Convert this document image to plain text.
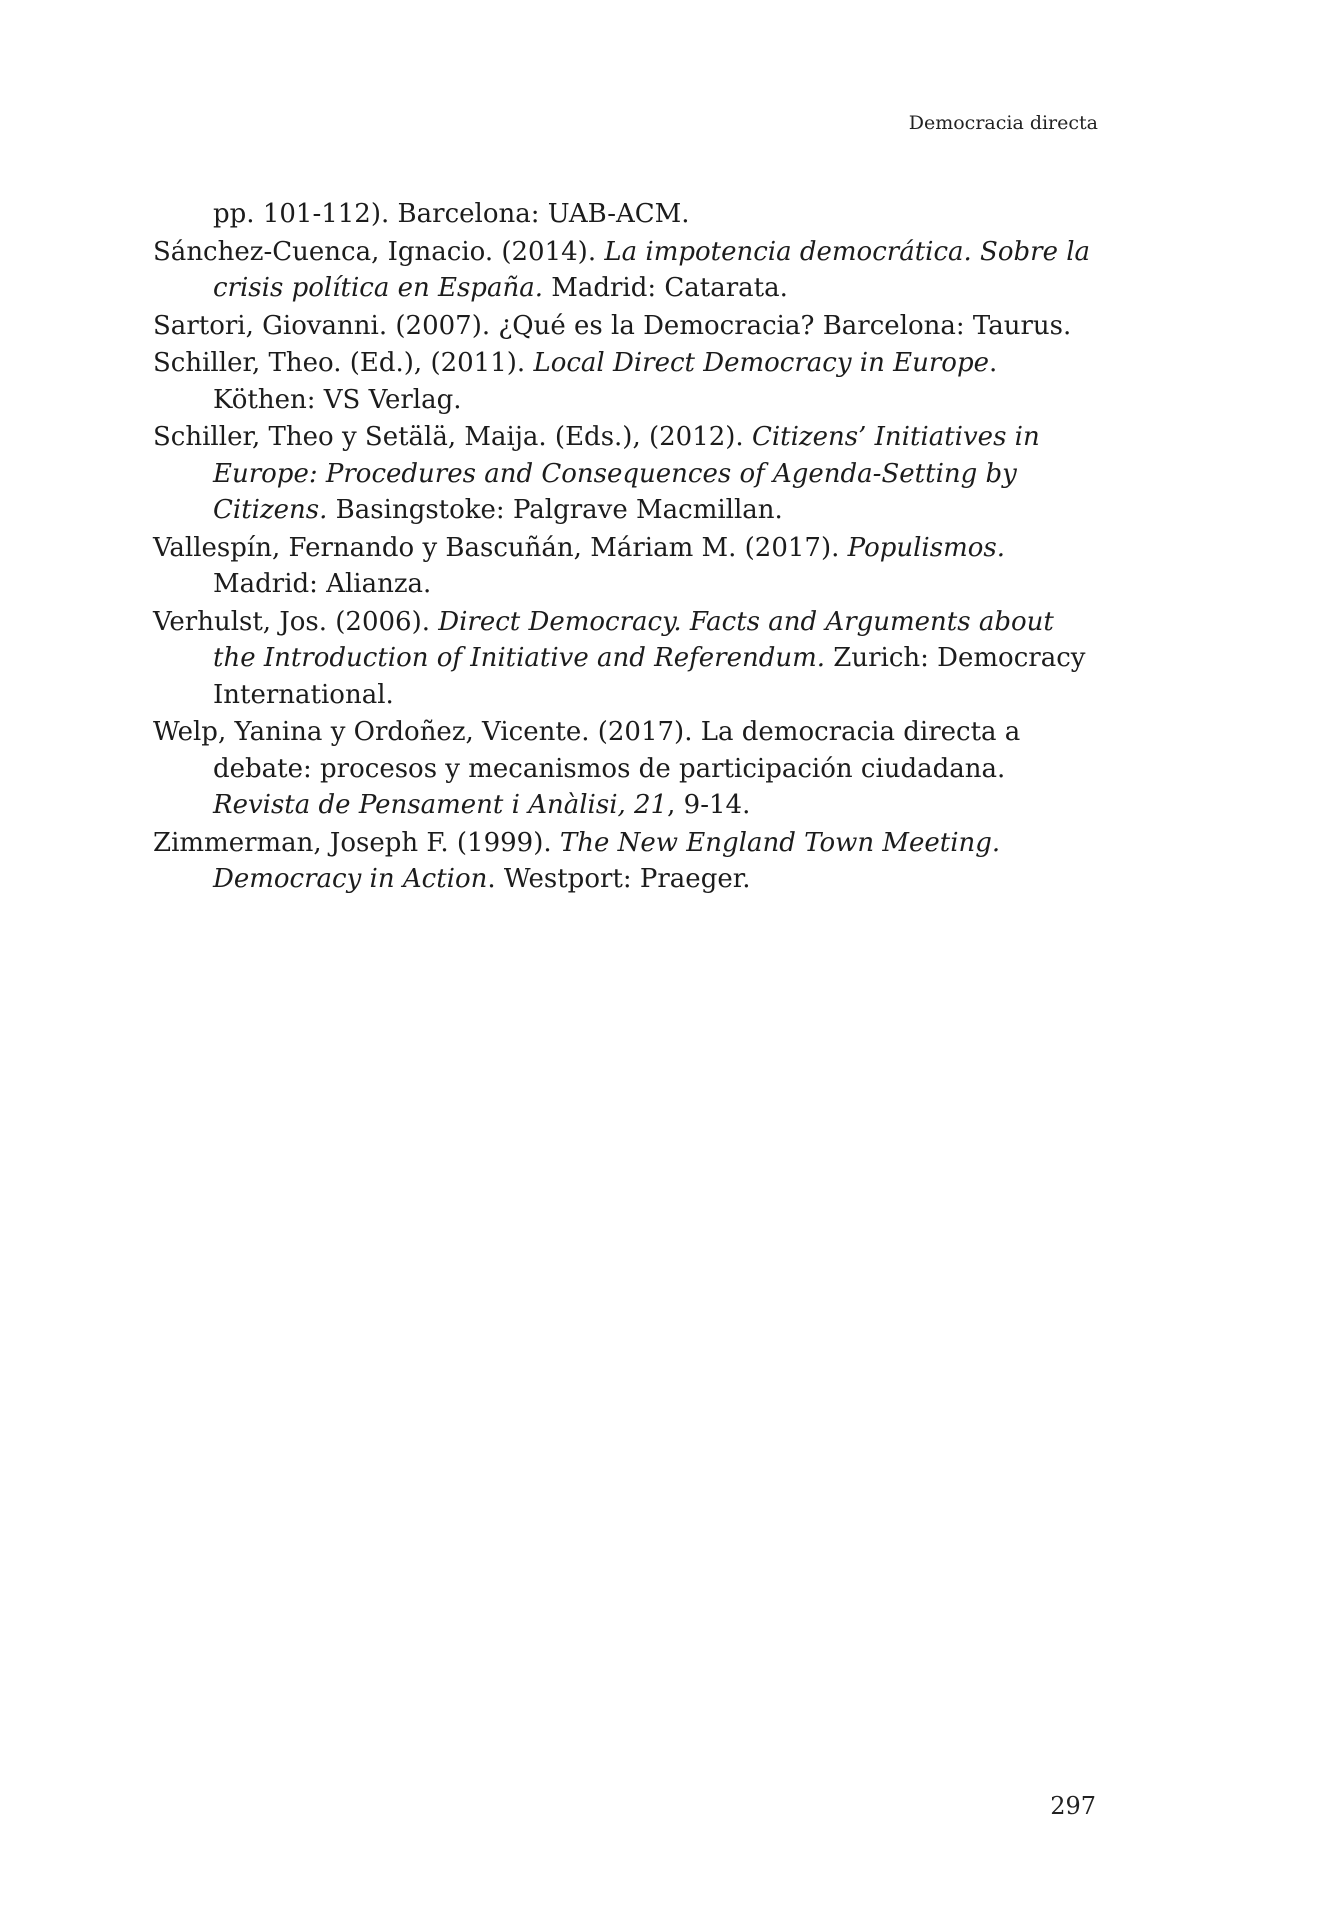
Democracia directa
pp. 101-112). Barcelona: UAB-ACM.
Sánchez-Cuenca, Ignacio. (2014). La impotencia democrática. Sobre la crisis política en España. Madrid: Catarata.
Sartori, Giovanni. (2007). ¿Qué es la Democracia? Barcelona: Taurus.
Schiller, Theo. (Ed.), (2011). Local Direct Democracy in Europe. Köthen: VS Verlag.
Schiller, Theo y Setälä, Maija. (Eds.), (2012). Citizens’ Initiatives in Europe: Procedures and Consequences of Agenda-Setting by Citizens. Basingstoke: Palgrave Macmillan.
Vallespín, Fernando y Bascuñán, Máriam M. (2017). Populismos. Madrid: Alianza.
Verhulst, Jos. (2006). Direct Democracy. Facts and Arguments about the Introduction of Initiative and Referendum. Zurich: Democracy International.
Welp, Yanina y Ordoñez, Vicente. (2017). La democracia directa a debate: procesos y mecanismos de participación ciudadana. Revista de Pensament i Anàlisi, 21, 9-14.
Zimmerman, Joseph F. (1999). The New England Town Meeting. Democracy in Action. Westport: Praeger.
297
